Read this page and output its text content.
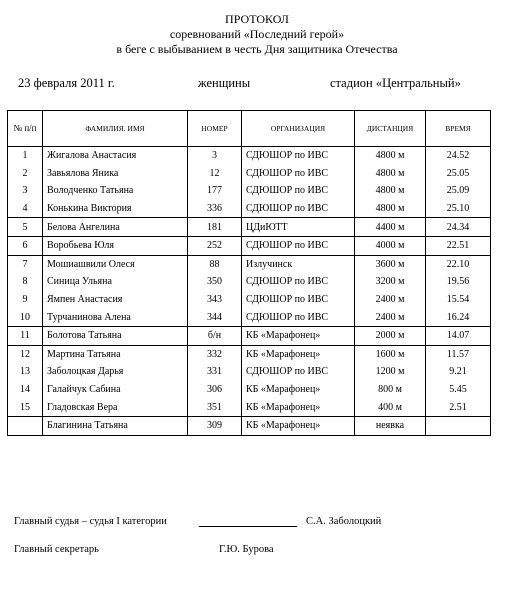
ПРОТОКОЛ
соревнований «Последний герой»
в беге с выбыванием в честь Дня защитника Отечества
23 февраля 2011 г.	женщины	стадион «Центральный»
№ п/п	ФАМИЛИЯ. ИМЯ	НОМЕР	ОРГАНИЗАЦИЯ	ДИСТАНЦИЯ	ВРЕМЯ
1	Жигалова Анастасия	3	СДЮШОР по ИВС	4800 м	24.52
2	Завьялова Яника	12	СДЮШОР по ИВС	4800 м	25.05
3	Володченко Татьяна	177	СДЮШОР по ИВС	4800 м	25.09
4	Конькина Виктория	336	СДЮШОР по ИВС	4800 м	25.10
5	Белова Ангелина	181	ЦДиЮТТ	4400 м	24.34
6	Воробьева Юля	252	СДЮШОР по ИВС	4000 м	22.51
7	Мошиашвили Олеся	88	Излучинск	3600 м	22.10
8	Синица Ульяна	350	СДЮШОР по ИВС	3200 м	19.56
9	Ямпен Анастасия	343	СДЮШОР по ИВС	2400 м	15.54
10	Турчанинова Алена	344	СДЮШОР по ИВС	2400 м	16.24
11	Болотова Татьяна	б/н	КБ «Марафонец»	2000 м	14.07
12	Мартина Татьяна	332	КБ «Марафонец»	1600 м	11.57
13	Заболоцкая Дарья	331	СДЮШОР по ИВС	1200 м	9.21
14	Галайчук Сабина	306	КБ «Марафонец»	800 м	5.45
15	Гладовская Вера	351	КБ «Марафонец»	400 м	2.51
	Благинина Татьяна	309	КБ «Марафонец»	неявка	
Главный судья – судья I категории	С.А. Заболоцкий
Главный секретарь	Г.Ю. Бурова
